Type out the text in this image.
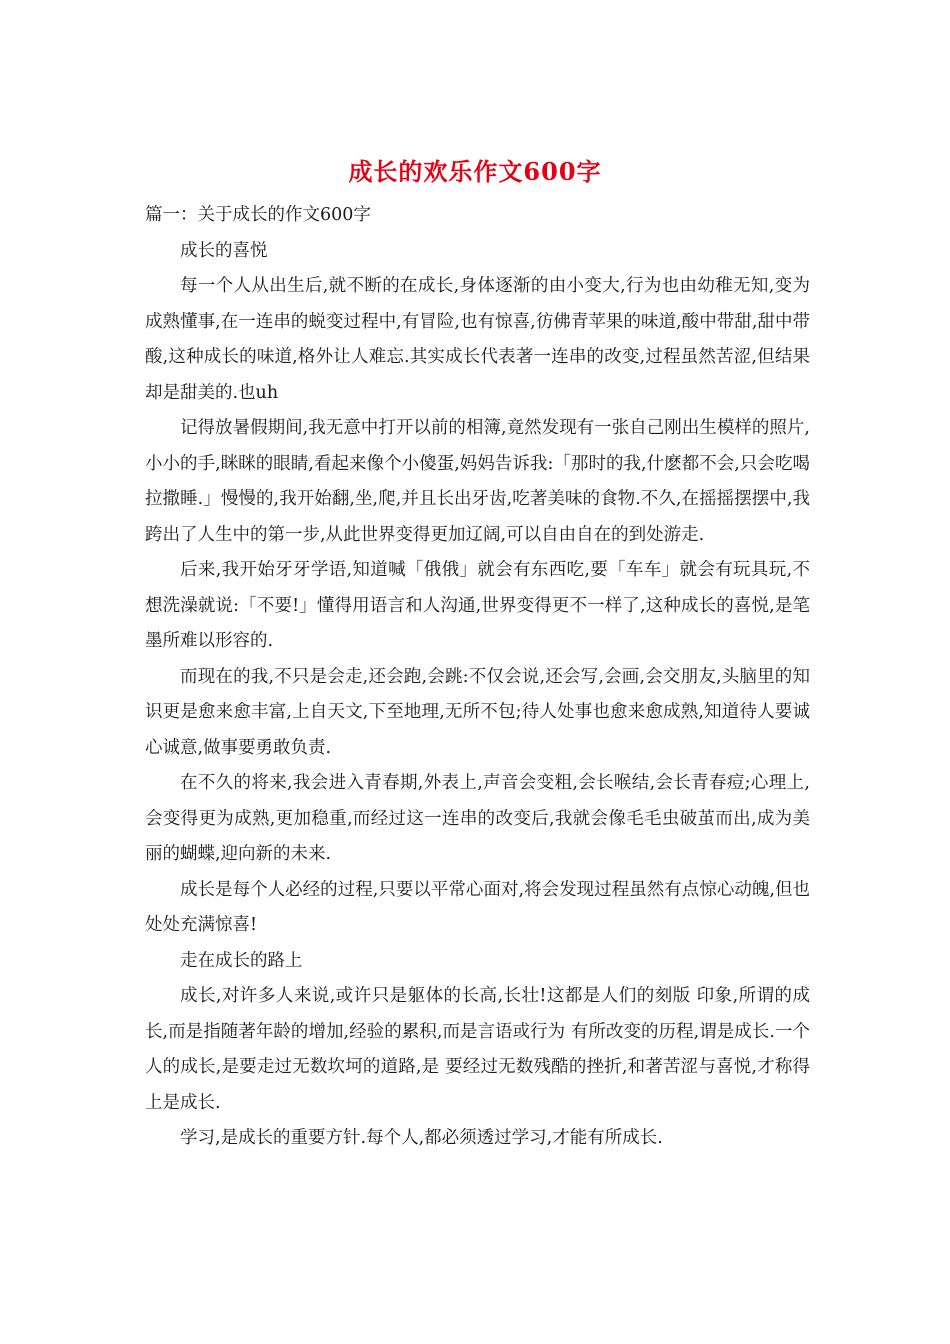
成长的欢乐作文600字

篇一：关于成长的作文600字

成长的喜悦

每一个人从出生后,就不断的在成长,身体逐渐的由小变大,行为也由幼稚无知,变为成熟懂事,在一连串的蜕变过程中,有冒险,也有惊喜,彷佛青苹果的味道,酸中带甜,甜中带酸,这种成长的味道,格外让人难忘.其实成长代表著一连串的改变,过程虽然苦涩,但结果却是甜美的.也uh

记得放暑假期间,我无意中打开以前的相簿,竟然发现有一张自己刚出生模样的照片,小小的手,眯眯的眼睛,看起来像个小傻蛋,妈妈告诉我:「那时的我,什麽都不会,只会吃喝拉撒睡.」慢慢的,我开始翻,坐,爬,并且长出牙齿,吃著美味的食物.不久,在摇摇摆摆中,我跨出了人生中的第一步,从此世界变得更加辽阔,可以自由自在的到处游走.

后来,我开始牙牙学语,知道喊「俄俄」就会有东西吃,要「车车」就会有玩具玩,不想洗澡就说:「不要!」懂得用语言和人沟通,世界变得更不一样了,这种成长的喜悦,是笔墨所难以形容的.

而现在的我,不只是会走,还会跑,会跳:不仅会说,还会写,会画,会交朋友,头脑里的知识更是愈来愈丰富,上自天文,下至地理,无所不包;待人处事也愈来愈成熟,知道待人要诚心诚意,做事要勇敢负责.

在不久的将来,我会进入青春期,外表上,声音会变粗,会长喉结,会长青春痘;心理上,会变得更为成熟,更加稳重,而经过这一连串的改变后,我就会像毛毛虫破茧而出,成为美丽的蝴蝶,迎向新的未来.

成长是每个人必经的过程,只要以平常心面对,将会发现过程虽然有点惊心动魄,但也处处充满惊喜!

走在成长的路上

成长,对许多人来说,或许只是躯体的长高,长壮!这都是人们的刻版 印象,所谓的成长,而是指随著年龄的增加,经验的累积,而是言语或行为 有所改变的历程,谓是成长.一个人的成长,是要走过无数坎坷的道路,是 要经过无数残酷的挫折,和著苦涩与喜悦,才称得上是成长.

学习,是成长的重要方针.每个人,都必须透过学习,才能有所成长.
